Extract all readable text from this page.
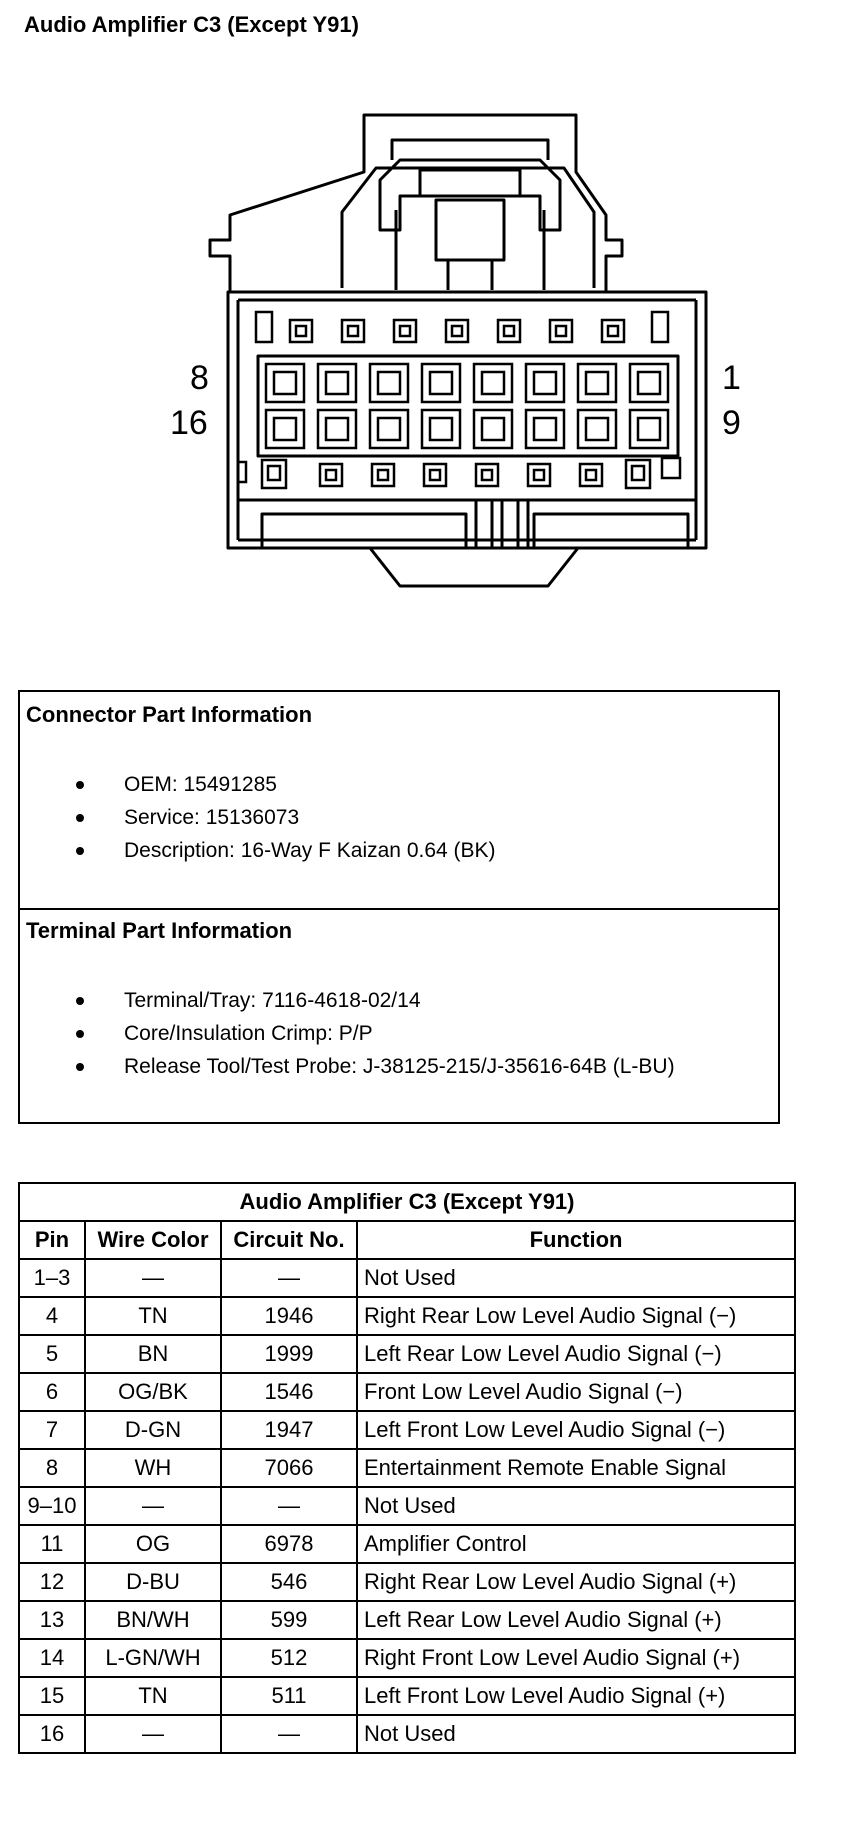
Audio Amplifier C3 (Except Y91)
8
16
1
9
Connector Part Information
OEM: 15491285
Service: 15136073
Description: 16-Way F Kaizan 0.64 (BK)
Terminal Part Information
Terminal/Tray: 7116-4618-02/14
Core/Insulation Crimp: P/P
Release Tool/Test Probe: J-38125-215/J-35616-64B (L-BU)
Audio Amplifier C3 (Except Y91)			
Pin	Wire Color	Circuit No.	Function
1–3	—	—	Not Used
4	TN	1946	Right Rear Low Level Audio Signal (−)
5	BN	1999	Left Rear Low Level Audio Signal (−)
6	OG/BK	1546	Front Low Level Audio Signal (−)
7	D-GN	1947	Left Front Low Level Audio Signal (−)
8	WH	7066	Entertainment Remote Enable Signal
9–10	—	—	Not Used
11	OG	6978	Amplifier Control
12	D-BU	546	Right Rear Low Level Audio Signal (+)
13	BN/WH	599	Left Rear Low Level Audio Signal (+)
14	L-GN/WH	512	Right Front Low Level Audio Signal (+)
15	TN	511	Left Front Low Level Audio Signal (+)
16	—	—	Not Used
